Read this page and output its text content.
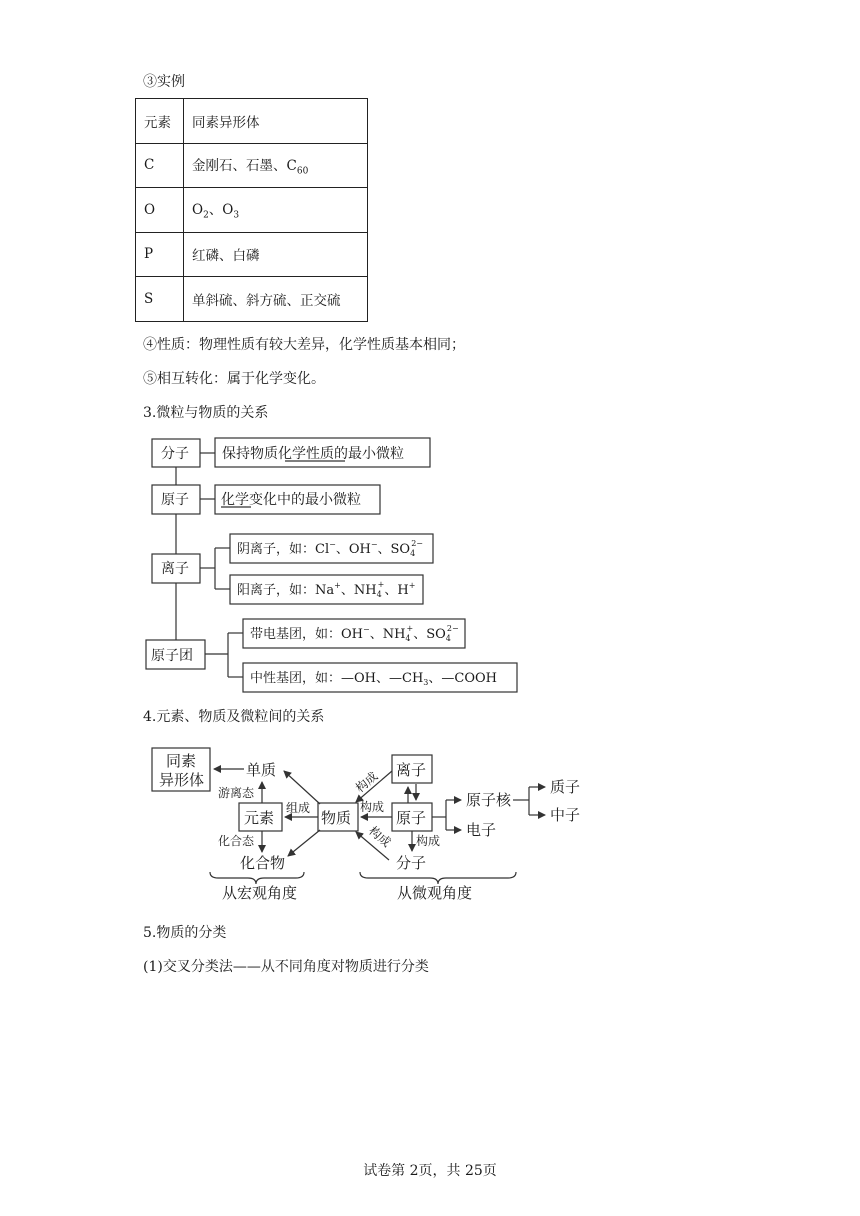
③实例
元素	同素异形体
C	金刚石、石墨、$C_{60}$
O	$O_2$、$O_3$
P	红磷、白磷
S	单斜硫、斜方硫、正交硫
④性质：物理性质有较大差异，化学性质基本相同；
⑤相互转化：属于化学变化。
3.微粒与物质的关系
分子 保持物质化学性质的最小微粒
原子 化学变化中的最小微粒
离子
原子团
阴离子，如：Cl−、OH−、$SO_42-$
阳离子，如：Na+、$NH_4+$、H+
带电基团，如：OH−、$NH_4+$、$SO_42-$
中性基团，如：—OH、$—CH_3$、—COOH
4.元素、物质及微粒间的关系
同素
异形体
单质
元素	物质
离子
原子
化合物	分子
原子核
电子
质子
中子
从宏观角度	从微观角度
游离态
组成
化合态
构成
构成
构成
构成
5.物质的分类
(1)交叉分类法——从不同角度对物质进行分类
试卷第 2页，共 25页
